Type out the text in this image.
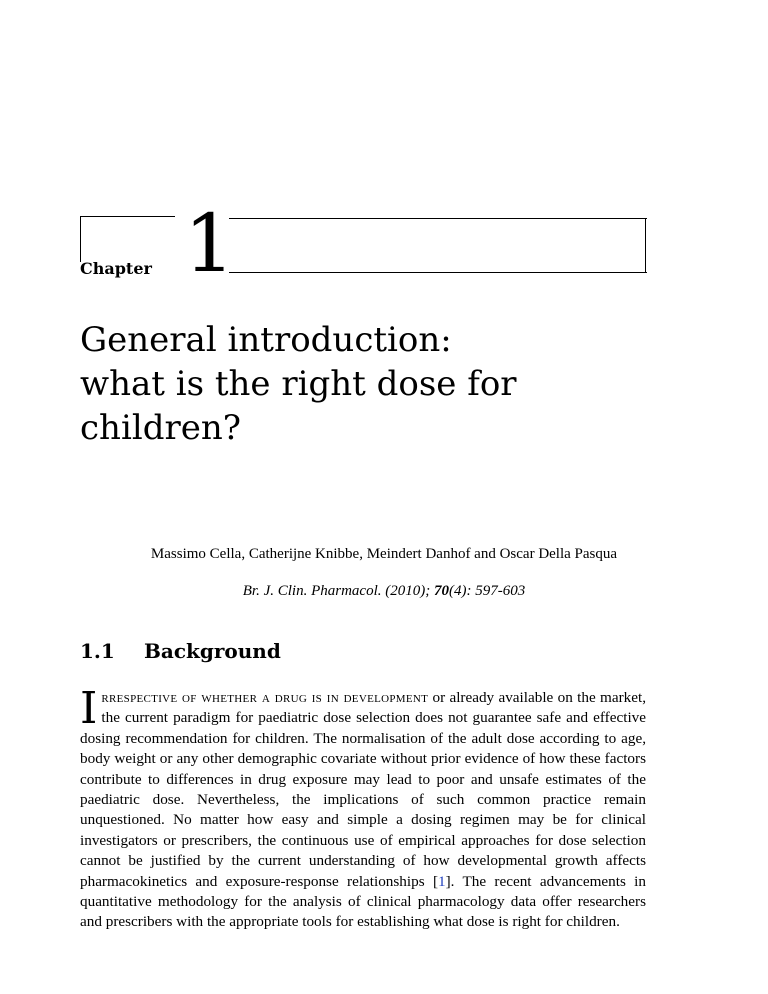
Chapter 1
General introduction:
what is the right dose for
children?
Massimo Cella, Catherijne Knibbe, Meindert Danhof and Oscar Della Pasqua
Br. J. Clin. Pharmacol. (2010); 70(4): 597-603
1.1 Background
Irrespective of whether a drug is in development or already available on the market, the current paradigm for paediatric dose selection does not guarantee safe and effective dosing recommendation for children. The normalisation of the adult dose according to age, body weight or any other demographic covariate without prior evidence of how these factors contribute to differences in drug exposure may lead to poor and unsafe estimates of the paediatric dose. Nevertheless, the implications of such common practice remain unquestioned. No matter how easy and simple a dosing regimen may be for clinical investigators or prescribers, the continuous use of empirical approaches for dose selection cannot be justified by the current understanding of how developmental growth affects pharmacokinetics and exposure-response relationships [1]. The recent advancements in quantitative methodology for the analysis of clinical pharmacology data offer researchers and prescribers with the appropriate tools for establishing what dose is right for children.
